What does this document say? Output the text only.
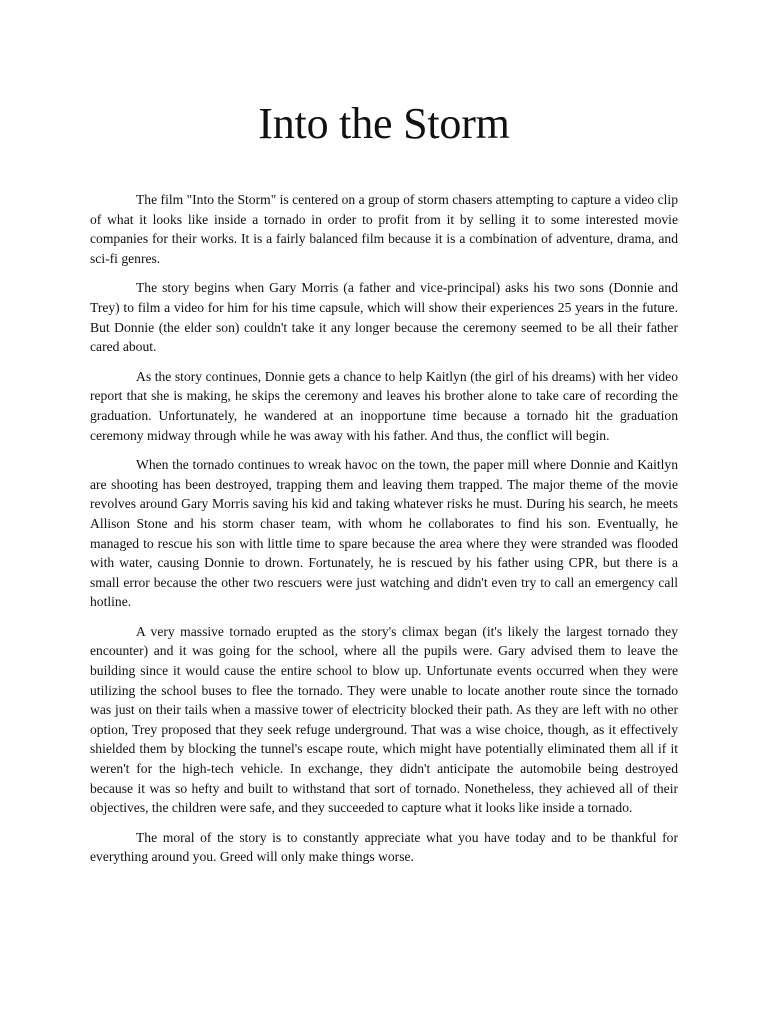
Into the Storm

The film "Into the Storm" is centered on a group of storm chasers attempting to capture a video clip of what it looks like inside a tornado in order to profit from it by selling it to some interested movie companies for their works. It is a fairly balanced film because it is a combination of adventure, drama, and sci-fi genres.

The story begins when Gary Morris (a father and vice-principal) asks his two sons (Donnie and Trey) to film a video for him for his time capsule, which will show their experiences 25 years in the future. But Donnie (the elder son) couldn't take it any longer because the ceremony seemed to be all their father cared about.

As the story continues, Donnie gets a chance to help Kaitlyn (the girl of his dreams) with her video report that she is making, he skips the ceremony and leaves his brother alone to take care of recording the graduation. Unfortunately, he wandered at an inopportune time because a tornado hit the graduation ceremony midway through while he was away with his father. And thus, the conflict will begin.

When the tornado continues to wreak havoc on the town, the paper mill where Donnie and Kaitlyn are shooting has been destroyed, trapping them and leaving them trapped. The major theme of the movie revolves around Gary Morris saving his kid and taking whatever risks he must. During his search, he meets Allison Stone and his storm chaser team, with whom he collaborates to find his son. Eventually, he managed to rescue his son with little time to spare because the area where they were stranded was flooded with water, causing Donnie to drown. Fortunately, he is rescued by his father using CPR, but there is a small error because the other two rescuers were just watching and didn't even try to call an emergency call hotline.

A very massive tornado erupted as the story's climax began (it's likely the largest tornado they encounter) and it was going for the school, where all the pupils were. Gary advised them to leave the building since it would cause the entire school to blow up. Unfortunate events occurred when they were utilizing the school buses to flee the tornado. They were unable to locate another route since the tornado was just on their tails when a massive tower of electricity blocked their path. As they are left with no other option, Trey proposed that they seek refuge underground. That was a wise choice, though, as it effectively shielded them by blocking the tunnel's escape route, which might have potentially eliminated them all if it weren't for the high-tech vehicle. In exchange, they didn't anticipate the automobile being destroyed because it was so hefty and built to withstand that sort of tornado. Nonetheless, they achieved all of their objectives, the children were safe, and they succeeded to capture what it looks like inside a tornado.

The moral of the story is to constantly appreciate what you have today and to be thankful for everything around you. Greed will only make things worse.
